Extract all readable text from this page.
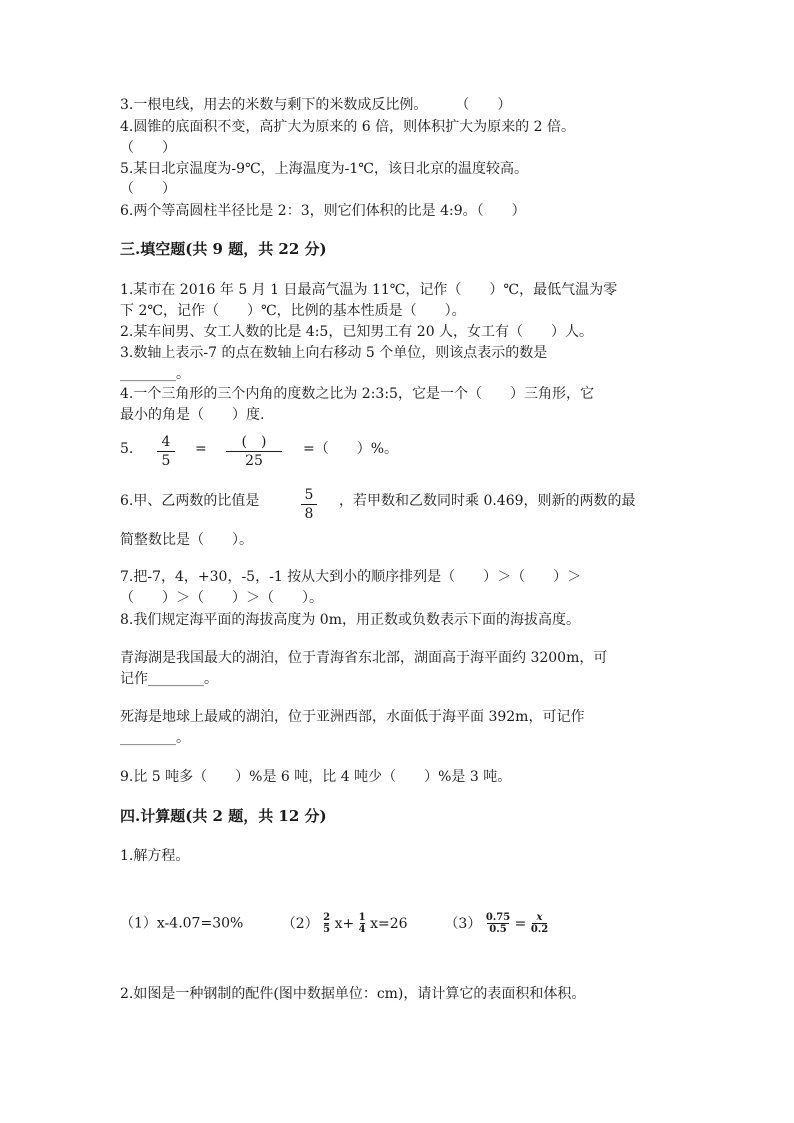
3.一根电线，用去的米数与剩下的米数成反比例。　　　（　　）
4.圆锥的底面积不变，高扩大为原来的 6 倍，则体积扩大为原来的 2 倍。
（　　）
5.某日北京温度为-9℃，上海温度为-1℃，该日北京的温度较高。
（　　）
6.两个等高圆柱半径比是 2：3，则它们体积的比是 4:9。（　　）
三.填空题(共 9 题，共 22 分)
1.某市在 2016 年 5 月 1 日最高气温为 11℃，记作（　　）℃，最低气温为零
下 2℃，记作（　　）℃，比例的基本性质是（　　）。
2.某车间男、女工人数的比是 4:5，已知男工有 20 人，女工有（　　）人。
3.数轴上表示-7 的点在数轴上向右移动 5 个单位，则该点表示的数是
________。
4.一个三角形的三个内角的度数之比为 2:3:5，它是一个（　　）三角形，它
最小的角是（　　）度.
5.	4
5
=	(　)
25
=（　　）%。
6.甲、乙两数的比值是	5
8
，若甲数和乙数同时乘 0.469，则新的两数的最
简整数比是（　　）。
7.把-7，4，+30，-5，-1 按从大到小的顺序排列是（　　）＞（　　）＞
（　　）＞（　　）＞（　　）。
8.我们规定海平面的海拔高度为 0m，用正数或负数表示下面的海拔高度。
青海湖是我国最大的湖泊，位于青海省东北部，湖面高于海平面约 3200m，可
记作________。
死海是地球上最咸的湖泊，位于亚洲西部，水面低于海平面 392m，可记作
________。
9.比 5 吨多（　　）%是 6 吨，比 4 吨少（　　）%是 3 吨。
四.计算题(共 2 题，共 12 分)
1.解方程。
（1）x-4.07=30%	$(2) \frac{2}{5} x+ \frac{1}{4} x=26$	$(3) \frac{0.75}{0.5} = \frac{x}{0.2}$
2.如图是一种钢制的配件(图中数据单位：cm)，请计算它的表面积和体积。
